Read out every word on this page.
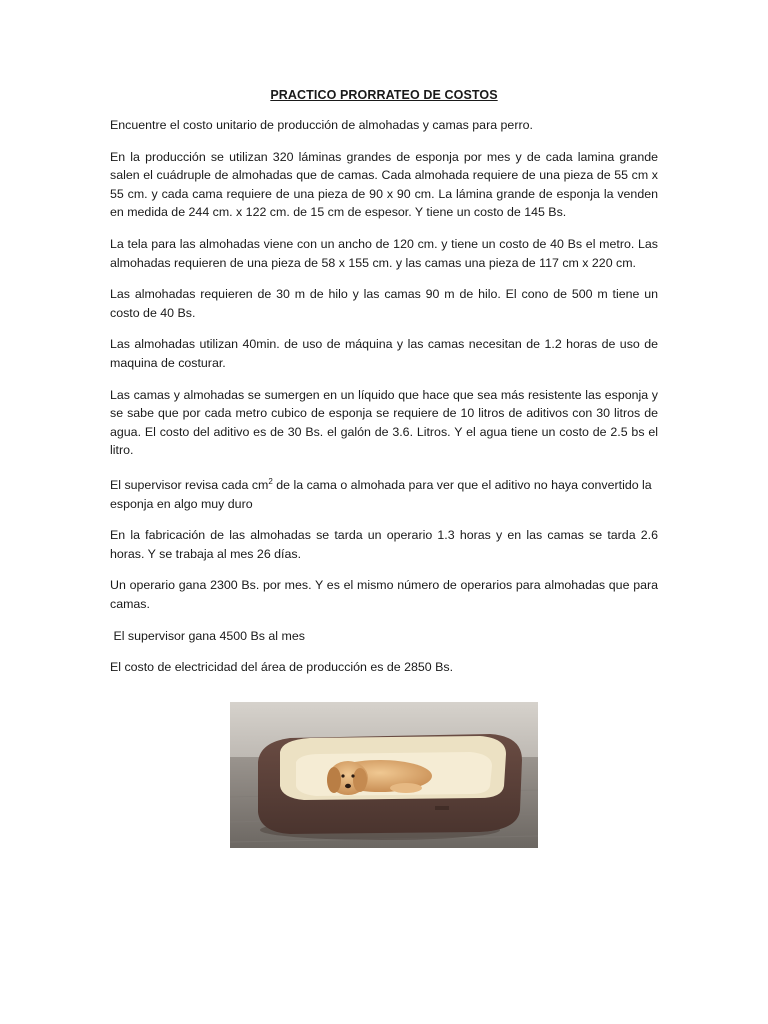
PRACTICO PRORRATEO DE COSTOS

Encuentre el costo unitario de producción de almohadas y camas para perro.

En la producción se utilizan 320 láminas grandes de esponja por mes y de cada lamina grande salen el cuádruple de almohadas que de camas. Cada almohada requiere de una pieza de 55 cm x 55 cm. y cada cama requiere de una pieza de 90 x 90 cm. La lámina grande de esponja la venden en medida de 244 cm. x 122 cm. de 15 cm de espesor. Y tiene un costo de 145 Bs.

La tela para las almohadas viene con un ancho de 120 cm. y tiene un costo de 40 Bs el metro. Las almohadas requieren de una pieza de 58 x 155 cm. y las camas una pieza de 117 cm x 220 cm.

Las almohadas requieren de 30 m de hilo y las camas 90 m de hilo. El cono de 500 m tiene un costo de 40 Bs.

Las almohadas utilizan 40min. de uso de máquina y las camas necesitan de 1.2 horas de uso de maquina de costurar.

Las camas y almohadas se sumergen en un líquido que hace que sea más resistente las esponja y se sabe que por cada metro cubico de esponja se requiere de 10 litros de aditivos con 30 litros de agua. El costo del aditivo es de 30 Bs. el galón de 3.6. Litros. Y el agua tiene un costo de 2.5 bs el litro.

El supervisor revisa cada $cm^2$ de la cama o almohada para ver que el aditivo no haya convertido la esponja en algo muy duro

En la fabricación de las almohadas se tarda un operario 1.3 horas y en las camas se tarda 2.6 horas. Y se trabaja al mes 26 días.

Un operario gana 2300 Bs. por mes. Y es el mismo número de operarios para almohadas que para camas.

El supervisor gana 4500 Bs al mes

El costo de electricidad del área de producción es de 2850 Bs.
